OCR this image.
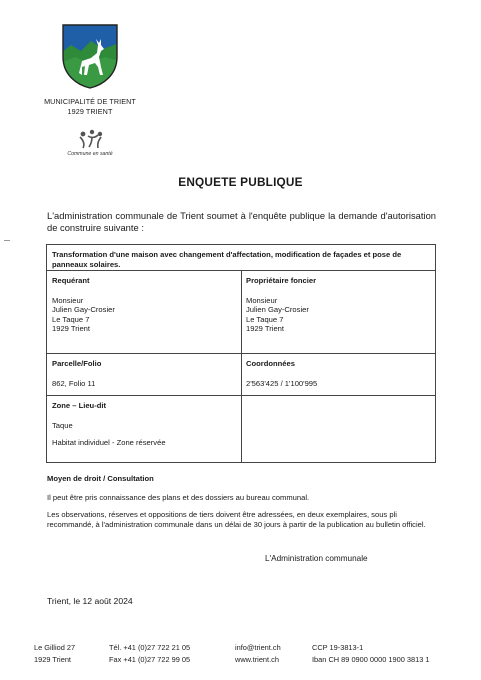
MUNICIPALITÉ DE TRIENT
1929 TRIENT
Commune en santé
ENQUETE PUBLIQUE
L'administration communale de Trient soumet à l'enquête publique la demande d'autorisation de construire suivante :
Transformation d'une maison avec changement d'affectation, modification de façades et pose de panneaux solaires.
Requérant
Monsieur
Julien Gay-Crosier
Le Taque 7
1929 Trient
Propriétaire foncier
Monsieur
Julien Gay-Crosier
Le Taque 7
1929 Trient
Parcelle/Folio
862, Folio 11
Coordonnées
2'563'425 / 1'100'995
Zone – Lieu-dit
Taque
Habitat individuel - Zone réservée
Moyen de droit / Consultation
Il peut être pris connaissance des plans et des dossiers au bureau communal.
Les observations, réserves et oppositions de tiers doivent être adressées, en deux exemplaires, sous pli recommandé, à l'administration communale dans un délai de 30 jours à partir de la publication au bulletin officiel.
L'Administration communale
Trient, le 12 août 2024
Le Gilliod 27
1929 Trient
Tél. +41 (0)27 722 21 05
Fax +41 (0)27 722 99 05
info@trient.ch
www.trient.ch
CCP 19-3813-1
Iban CH 89 0900 0000 1900 3813 1
